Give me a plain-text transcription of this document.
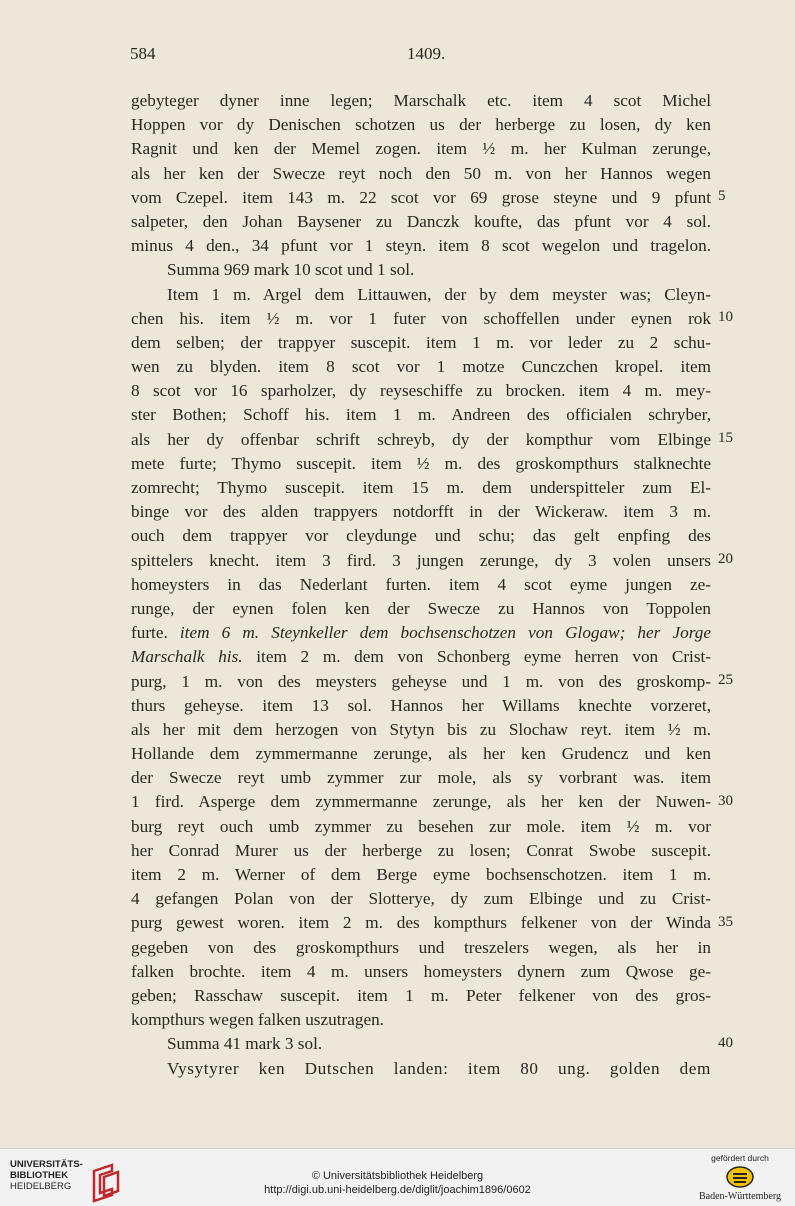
584	1409.
gebyteger dyner inne legen; Marschalk etc. item 4 scot Michel
Hoppen vor dy Denischen schotzen us der herberge zu losen, dy ken
Ragnit und ken der Memel zogen. item ½ m. her Kulman zerunge,
als her ken der Swecze reyt noch den 50 m. von her Hannos wegen
vom Czepel. item 143 m. 22 scot vor 69 grose steyne und 9 pfunt
salpeter, den Johan Baysener zu Danczk koufte, das pfunt vor 4 sol.
minus 4 den., 34 pfunt vor 1 steyn. item 8 scot wegelon und tragelon.
Summa 969 mark 10 scot und 1 sol.
Item 1 m. Argel dem Littauwen, der by dem meyster was; Cleyn-
chen his. item ½ m. vor 1 futer von schoffellen under eynen rok
dem selben; der trappyer suscepit. item 1 m. vor leder zu 2 schu-
wen zu blyden. item 8 scot vor 1 motze Cunczchen kropel. item
8 scot vor 16 sparholzer, dy reyseschiffe zu brocken. item 4 m. mey-
ster Bothen; Schoff his. item 1 m. Andreen des officialen schryber,
als her dy offenbar schrift schreyb, dy der kompthur vom Elbinge
mete furte; Thymo suscepit. item ½ m. des groskompthurs stalknechte
zomrecht; Thymo suscepit. item 15 m. dem underspitteler zum El-
binge vor des alden trappyers notdorfft in der Wickeraw. item 3 m.
ouch dem trappyer vor cleydunge und schu; das gelt enpfing des
spittelers knecht. item 3 fird. 3 jungen zerunge, dy 3 volen unsers
homeysters in das Nederlant furten. item 4 scot eyme jungen ze-
runge, der eynen folen ken der Swecze zu Hannos von Toppolen
furte. item 6 m. Steynkeller dem bochsenschotzen von Glogaw; her Jorge
Marschalk his. item 2 m. dem von Schonberg eyme herren von Crist-
purg, 1 m. von des meysters geheyse und 1 m. von des groskomp-
thurs geheyse. item 13 sol. Hannos her Willams knechte vorzeret,
als her mit dem herzogen von Stytyn bis zu Slochaw reyt. item ½ m.
Hollande dem zymmermanne zerunge, als her ken Grudencz und ken
der Swecze reyt umb zymmer zur mole, als sy vorbrant was. item
1 fird. Asperge dem zymmermanne zerunge, als her ken der Nuwen-
burg reyt ouch umb zymmer zu besehen zur mole. item ½ m. vor
her Conrad Murer us der herberge zu losen; Conrat Swobe suscepit.
item 2 m. Werner of dem Berge eyme bochsenschotzen. item 1 m.
4 gefangen Polan von der Slotterye, dy zum Elbinge und zu Crist-
purg gewest woren. item 2 m. des kompthurs felkener von der Winda
gegeben von des groskompthurs und treszelers wegen, als her in
falken brochte. item 4 m. unsers homeysters dynern zum Qwose ge-
geben; Rasschaw suscepit. item 1 m. Peter felkener von des gros-
kompthurs wegen falken uszutragen.
Summa 41 mark 3 sol.
Vysytyrer ken Dutschen landen: item 80 ung. golden dem
5
10
15
20
25
30
35
40
UNIVERSITÄTS-
BIBLIOTHEK
HEIDELBERG
© Universitätsbibliothek Heidelberg
http://digi.ub.uni-heidelberg.de/diglit/joachim1896/0602
gefördert durch
Baden-Württemberg
